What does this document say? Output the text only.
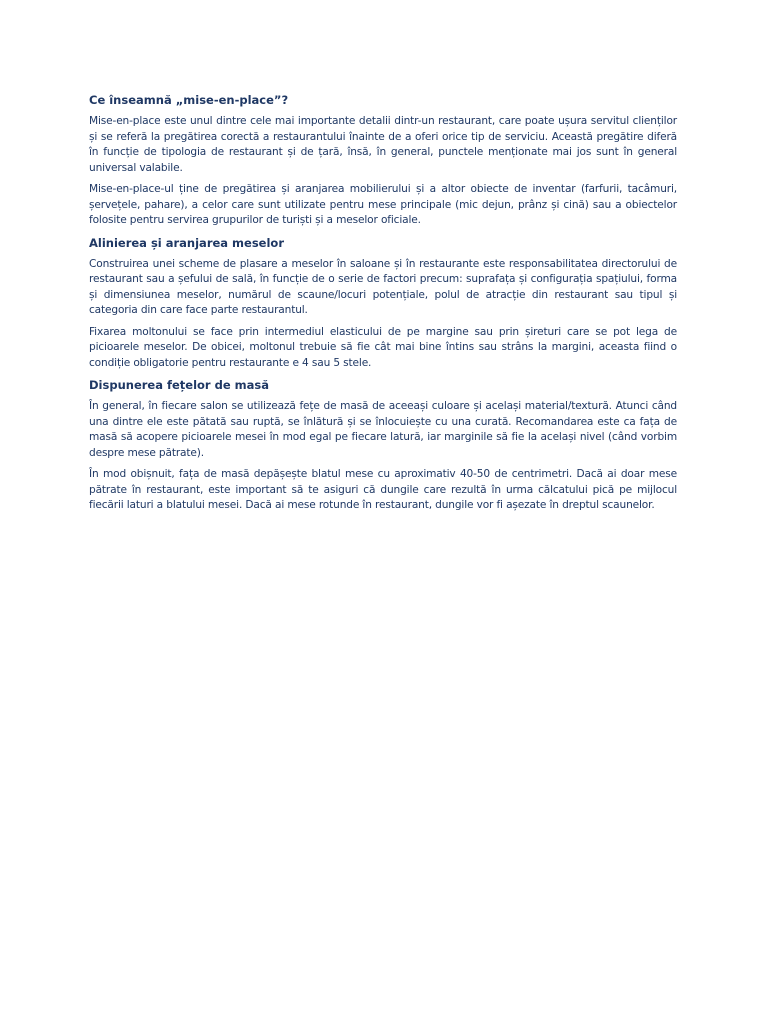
Ce înseamnă „mise-en-place”?

Mise-en-place este unul dintre cele mai importante detalii dintr-un restaurant, care poate ușura servitul clienților și se referă la pregătirea corectă a restaurantului înainte de a oferi orice tip de serviciu. Această pregătire diferă în funcție de tipologia de restaurant și de țară, însă, în general, punctele menționate mai jos sunt în general universal valabile.

Mise-en-place-ul ține de pregătirea și aranjarea mobilierului și a altor obiecte de inventar (farfurii, tacâmuri, șervețele, pahare), a celor care sunt utilizate pentru mese principale (mic dejun, prânz și cină) sau a obiectelor folosite pentru servirea grupurilor de turiști și a meselor oficiale.

Alinierea și aranjarea meselor

Construirea unei scheme de plasare a meselor în saloane și în restaurante este responsabilitatea directorului de restaurant sau a șefului de sală, în funcție de o serie de factori precum: suprafața și configurația spațiului, forma și dimensiunea meselor, numărul de scaune/locuri potențiale, polul de atracție din restaurant sau tipul și categoria din care face parte restaurantul.

Fixarea moltonului se face prin intermediul elasticului de pe margine sau prin șireturi care se pot lega de picioarele meselor. De obicei, moltonul trebuie să fie cât mai bine întins sau strâns la margini, aceasta fiind o condiție obligatorie pentru restaurante e 4 sau 5 stele.

Dispunerea fețelor de masă

În general, în fiecare salon se utilizează fețe de masă de aceeași culoare și același material/textură. Atunci când una dintre ele este pătată sau ruptă, se înlătură și se înlocuiește cu una curată. Recomandarea este ca fața de masă să acopere picioarele mesei în mod egal pe fiecare latură, iar marginile să fie la același nivel (când vorbim despre mese pătrate).

În mod obișnuit, fața de masă depășește blatul mese cu aproximativ 40-50 de centrimetri. Dacă ai doar mese pătrate în restaurant, este important să te asiguri că dungile care rezultă în urma călcatului pică pe mijlocul fiecării laturi a blatului mesei. Dacă ai mese rotunde în restaurant, dungile vor fi așezate în dreptul scaunelor.
